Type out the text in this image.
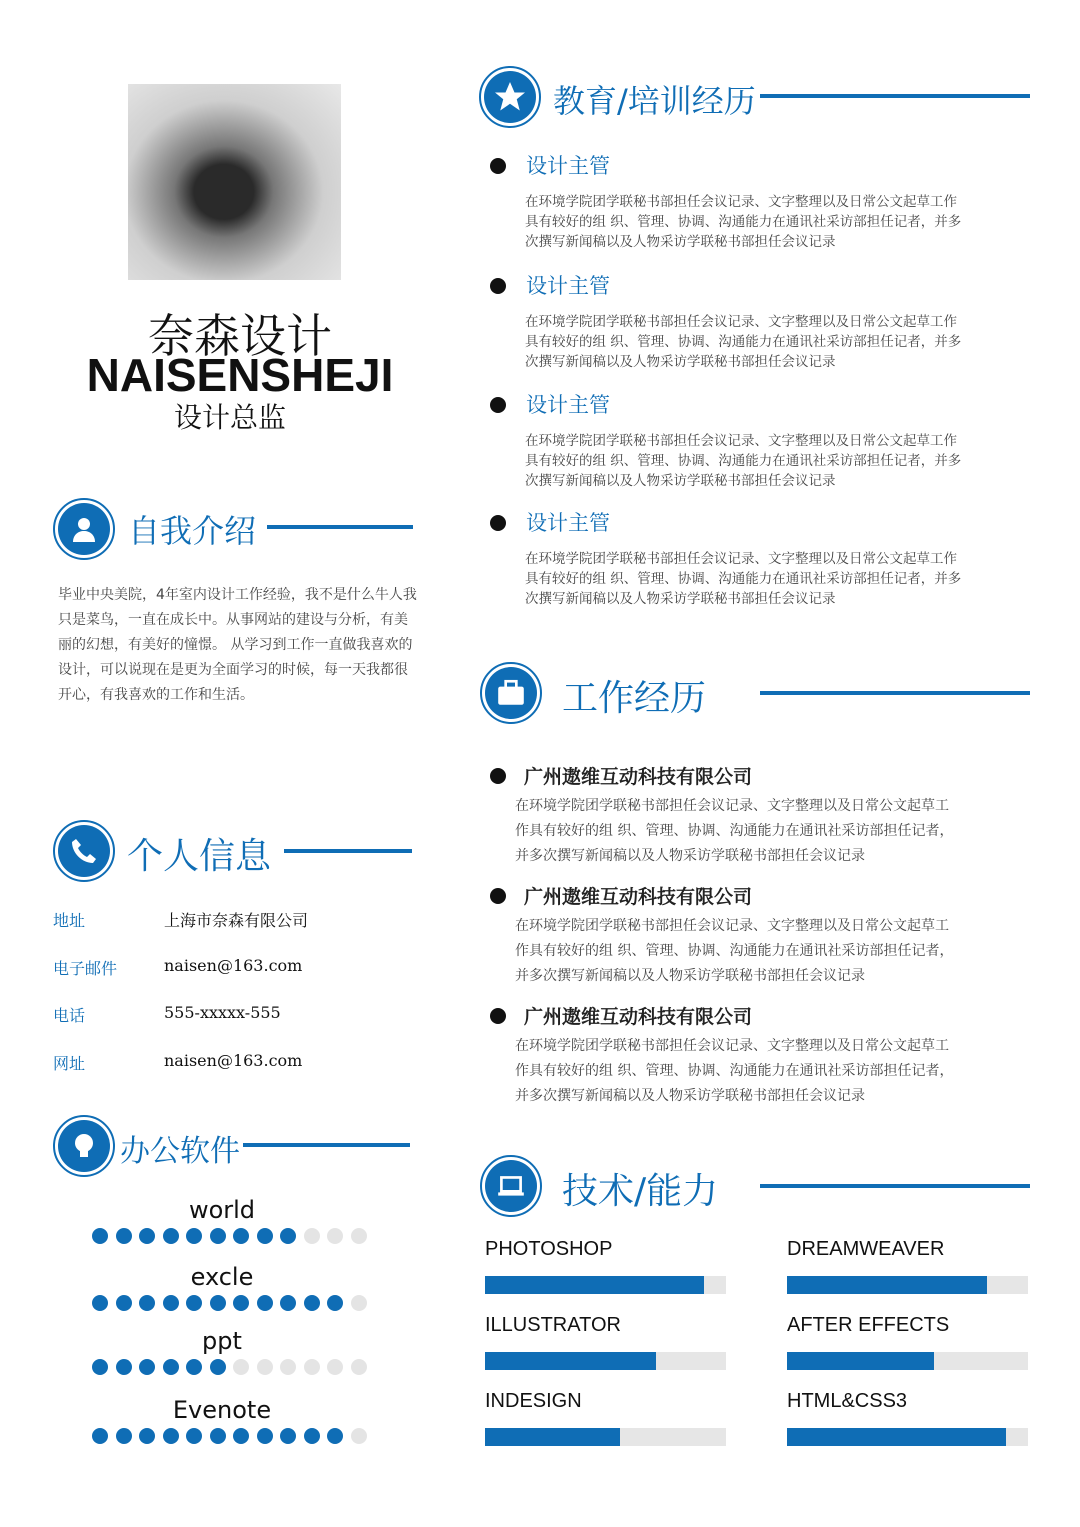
奈森设计
NAISENSHEJI
设计总监
自我介绍
毕业中央美院，4年室内设计工作经验，我不是什么牛人我只是菜鸟，一直在成长中。从事网站的建设与分析，有美丽的幻想，有美好的憧憬。 从学习到工作一直做我喜欢的设计，可以说现在是更为全面学习的时候，每一天我都很开心，有我喜欢的工作和生活。
个人信息
地址	上海市奈森有限公司
电子邮件	naisen@163.com
电话	555-xxxxx-555
网址	naisen@163.com
办公软件
world
excle
ppt
Evenote
教育/培训经历
设计主管
在环境学院团学联秘书部担任会议记录、文字整理以及日常公文起草工作具有较好的组 织、管理、协调、沟通能力在通讯社采访部担任记者，并多次撰写新闻稿以及人物采访学联秘书部担任会议记录
设计主管
在环境学院团学联秘书部担任会议记录、文字整理以及日常公文起草工作具有较好的组 织、管理、协调、沟通能力在通讯社采访部担任记者，并多次撰写新闻稿以及人物采访学联秘书部担任会议记录
设计主管
在环境学院团学联秘书部担任会议记录、文字整理以及日常公文起草工作具有较好的组 织、管理、协调、沟通能力在通讯社采访部担任记者，并多次撰写新闻稿以及人物采访学联秘书部担任会议记录
设计主管
在环境学院团学联秘书部担任会议记录、文字整理以及日常公文起草工作具有较好的组 织、管理、协调、沟通能力在通讯社采访部担任记者，并多次撰写新闻稿以及人物采访学联秘书部担任会议记录
工作经历
广州遨维互动科技有限公司
在环境学院团学联秘书部担任会议记录、文字整理以及日常公文起草工作具有较好的组 织、管理、协调、沟通能力在通讯社采访部担任记者，并多次撰写新闻稿以及人物采访学联秘书部担任会议记录
广州遨维互动科技有限公司
在环境学院团学联秘书部担任会议记录、文字整理以及日常公文起草工作具有较好的组 织、管理、协调、沟通能力在通讯社采访部担任记者，并多次撰写新闻稿以及人物采访学联秘书部担任会议记录
广州遨维互动科技有限公司
在环境学院团学联秘书部担任会议记录、文字整理以及日常公文起草工作具有较好的组 织、管理、协调、沟通能力在通讯社采访部担任记者，并多次撰写新闻稿以及人物采访学联秘书部担任会议记录
技术/能力
PHOTOSHOP	DREAMWEAVER
ILLUSTRATOR	AFTER EFFECTS
INDESIGN	HTML&CSS3
